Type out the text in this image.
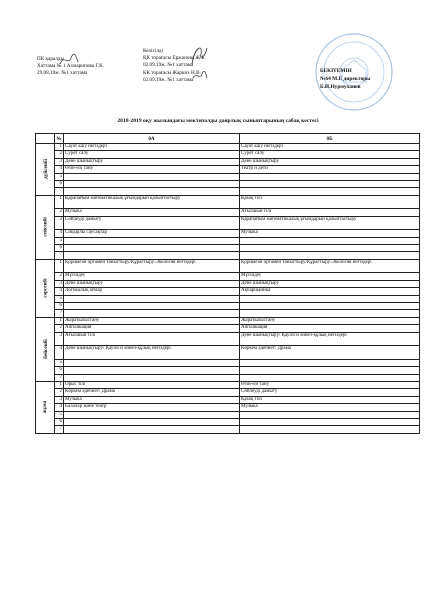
ПК қаралды
Хаттама № 1 Ахмарипова Г.К.
29.08.19ж. №1 хаттама
Келісілді
ҚК торағасы Ержанова Ж.Б.
02.09.19ж. №1 хаттама
КК торағасы Жарких Н.В.
02.09.19ж. №1 хаттама
БЕКІТЕМІН
№64 М.Е директоры
Б.И.Нурмуханов
2018-2019 оқу жылындағы мектепалды даярлық сыныптарының сабақ кестесі
	№	0А	0Б
дүйсенбі	1	Сауат ашу негіздері	Сауат ашу негіздері
	2	Сурет салу	Сурет салу
	3	Дене шынықтыру	Дене шынықтыру
	4	Өзін-өзі тану	Театр и дети
	5		
	6		
	7		
сейсенбі	1	Қарапайым математикалық ұғымдарын қалыптастыру	Қазақ тілі
	2	Музыка	Ағылшын тілі
	3	Сөйлеуді дамыту	Қарапайым математикалық ұғымдарын қалыптастыру
	4	Сиқырлы саусақтар	Музыка
	5		
	6		
	7		
сәрсенбі	1	Қоршаған ортамен таныстыру/Құрастыру/Экология негіздері	Қоршаған ортамен таныстыру/Құрастыру/Экология негіздері
	2	Мүсіндеу	Мүсіндеу
	3	Дене шынықтыру	Дене шынықтыру
	4	Логикалық ойлар	Ақбаршаника
	5		
	6		
	7		
бейсенбі	1	Жаратылыстану	Жаратылыстану
	2	Аппликация	Аппликация
	3	Ағылшын тілі	Дене шынықтыру/ Қауіпсіз мінез-құлық негіздері
	4	Дене шынықтыру/ Қауіпсіз мінез-құлық негіздері	Көркем әдебиет/ Драма
	5		
	6		
	7		
жұма	1	Орыс тілі	Өзін-өзі тану
	2	Көркем әдебиет/ Драма	Сөйлеуді дамыту
	3	Музыка	Қазақ тілі
	4	Балалар және театр	Музыка
	5		
	6		
	7		
